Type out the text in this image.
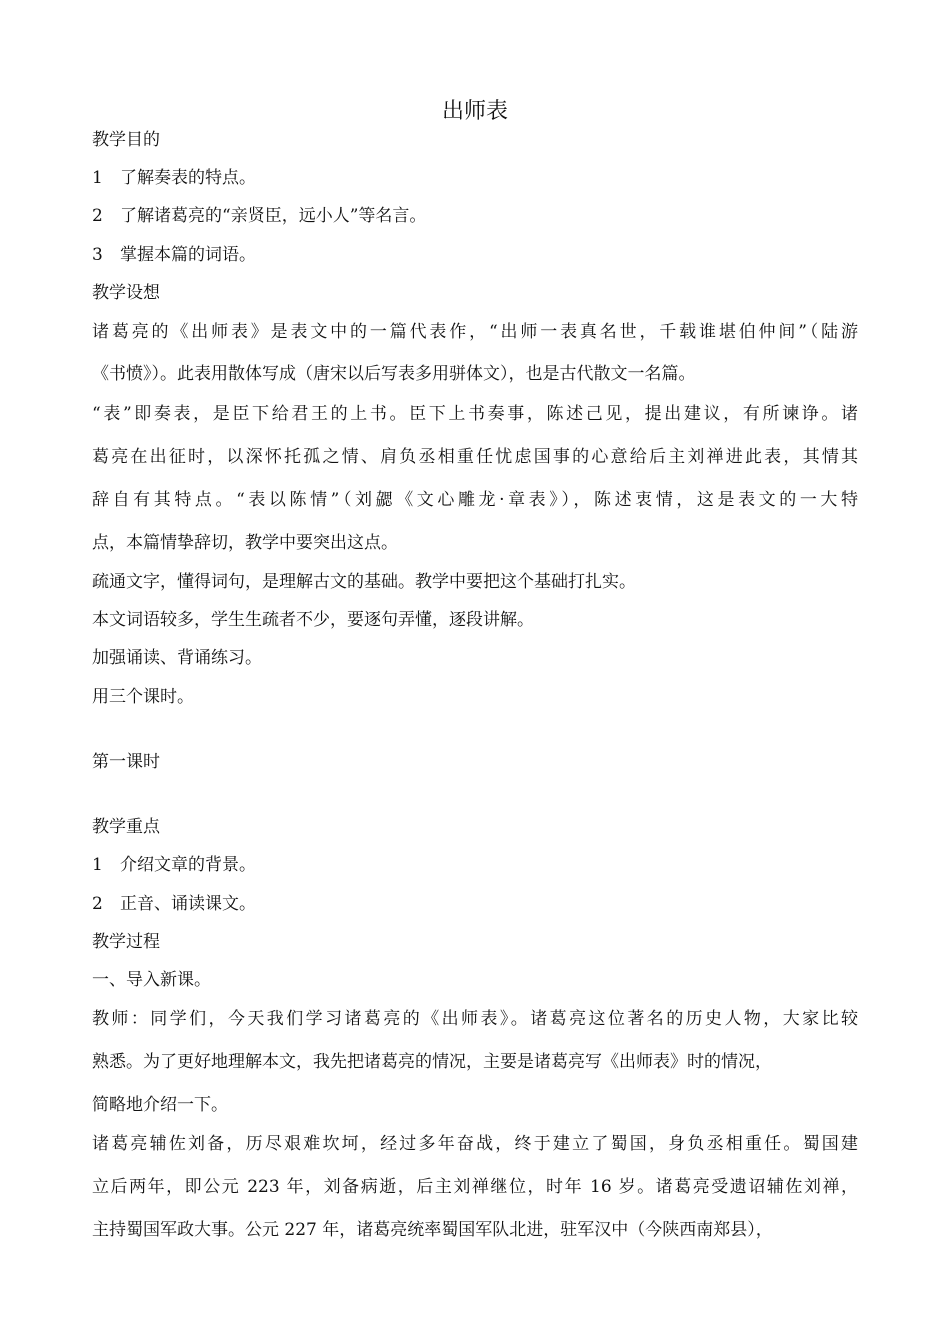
出师表
教学目的
1 了解奏表的特点。
2 了解诸葛亮的“亲贤臣，远小人”等名言。
3 掌握本篇的词语。
教学设想
诸葛亮的《出师表》是表文中的一篇代表作，“出师一表真名世，千载谁堪伯仲间”（陆游
《书愤》）。此表用散体写成（唐宋以后写表多用骈体文），也是古代散文一名篇。
“表”即奏表，是臣下给君王的上书。臣下上书奏事，陈述己见，提出建议，有所谏诤。诸
葛亮在出征时，以深怀托孤之情、肩负丞相重任忧虑国事的心意给后主刘禅进此表，其情其
辞自有其特点。“表以陈情”（刘勰《文心雕龙·章表》），陈述衷情，这是表文的一大特
点，本篇情挚辞切，教学中要突出这点。
疏通文字，懂得词句，是理解古文的基础。教学中要把这个基础打扎实。
本文词语较多，学生生疏者不少，要逐句弄懂，逐段讲解。
加强诵读、背诵练习。
用三个课时。
第一课时
教学重点
1 介绍文章的背景。
2 正音、诵读课文。
教学过程
一、导入新课。
教师：同学们，今天我们学习诸葛亮的《出师表》。诸葛亮这位著名的历史人物，大家比较
熟悉。为了更好地理解本文，我先把诸葛亮的情况，主要是诸葛亮写《出师表》时的情况，
简略地介绍一下。
诸葛亮辅佐刘备，历尽艰难坎坷，经过多年奋战，终于建立了蜀国，身负丞相重任。蜀国建
立后两年，即公元 223 年，刘备病逝，后主刘禅继位，时年 16 岁。诸葛亮受遗诏辅佐刘禅，
主持蜀国军政大事。公元 227 年，诸葛亮统率蜀国军队北进，驻军汉中（今陕西南郑县），
